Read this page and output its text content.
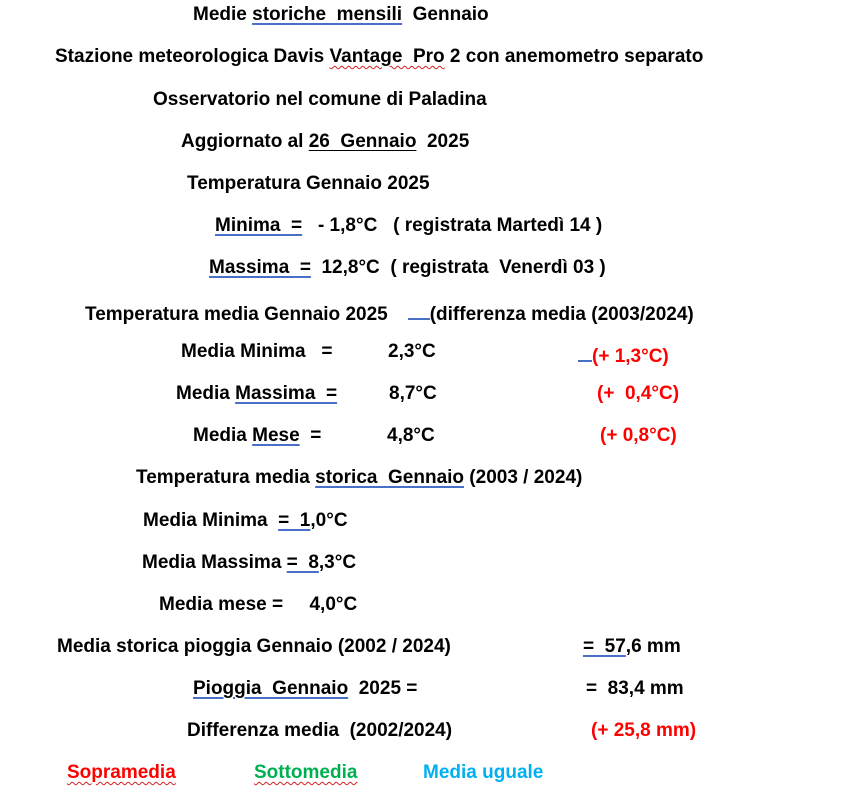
Medie storiche  mensili  Gennaio
Stazione meteorologica Davis Vantage  Pro 2 con anemometro separato
Osservatorio nel comune di Paladina
Aggiornato al 26  Gennaio  2025
Temperatura Gennaio 2025
Minima  =   - 1,8°C   ( registrata Martedì 14 )
Massima  =  12,8°C  ( registrata  Venerdì 03 )
Temperatura media Gennaio 2025 (differenza media (2003/2024)
Media Minima   =	2,3°C	(+ 1,3°C)
Media Massima  =	8,7°C	(+  0,4°C)
Media Mese  =	4,8°C	(+ 0,8°C)
Temperatura media storica  Gennaio (2003 / 2024)
Media Minima  =  1,0°C
Media Massima =  8,3°C
Media mese =     4,0°C
Media storica pioggia Gennaio (2002 / 2024)	=  57,6 mm
Pioggia  Gennaio  2025 =	=  83,4 mm
Differenza media  (2002/2024)	(+ 25,8 mm)
Sopramedia	Sottomedia	Media uguale
